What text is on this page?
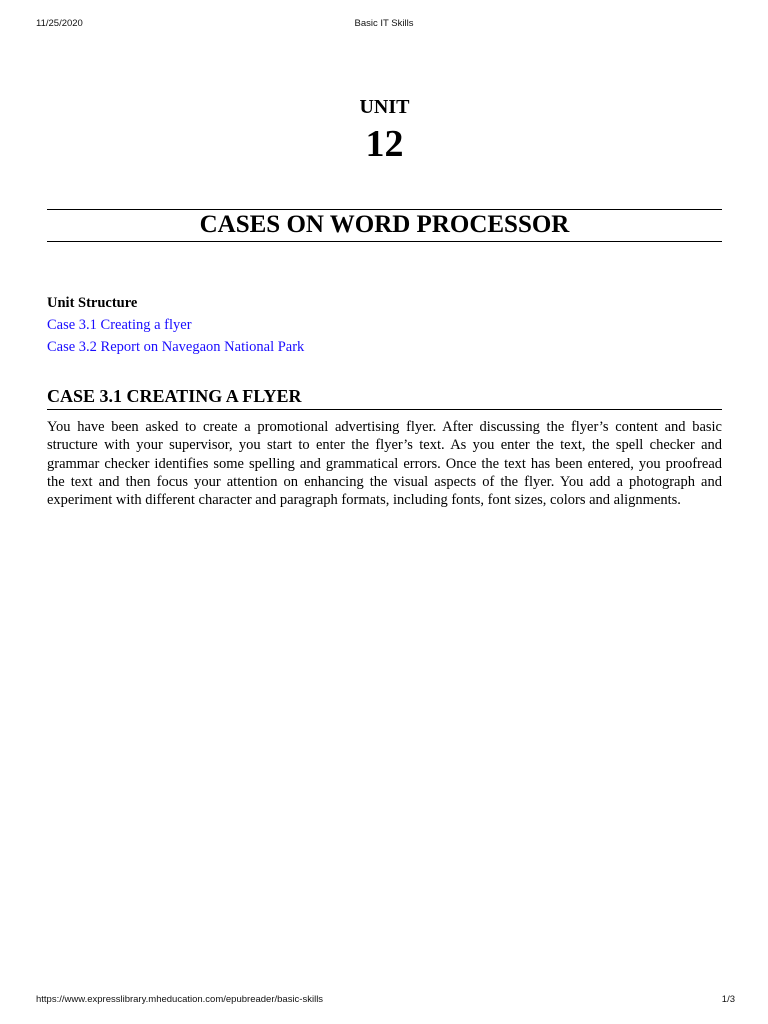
11/25/2020	Basic IT Skills
UNIT
12
CASES ON WORD PROCESSOR
Unit Structure
Case 3.1 Creating a flyer
Case 3.2 Report on Navegaon National Park
CASE 3.1 CREATING A FLYER

You have been asked to create a promotional advertising flyer. After discussing the flyer’s content and basic structure with your supervisor, you start to enter the flyer’s text. As you enter the text, the spell checker and grammar checker identifies some spelling and grammatical errors. Once the text has been entered, you proofread the text and then focus your attention on enhancing the visual aspects of the flyer. You add a photograph and experiment with different character and paragraph formats, including fonts, font sizes, colors and alignments.

https://www.expresslibrary.mheducation.com/epubreader/basic-skills	1/3
